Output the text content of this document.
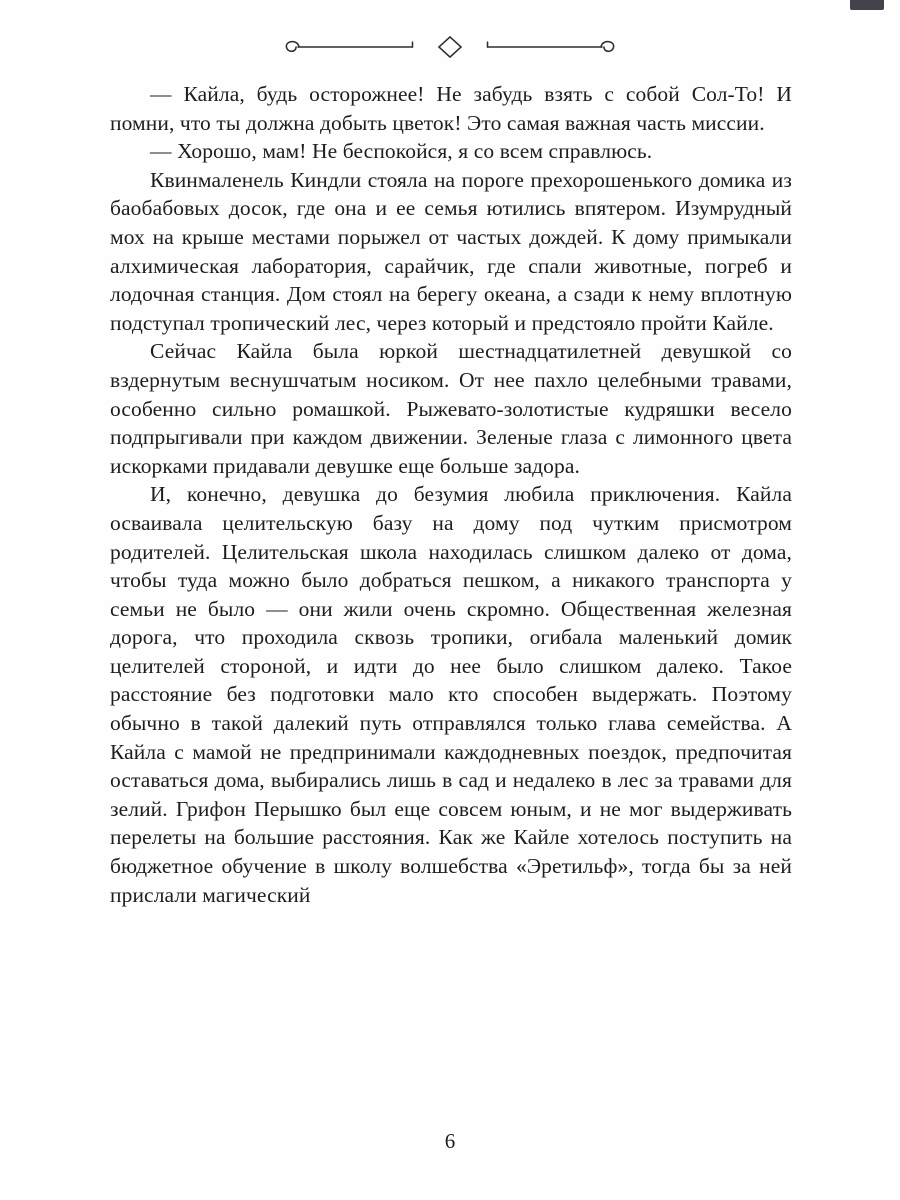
— Кайла, будь осторожнее! Не забудь взять с собой Сол-То! И помни, что ты должна добыть цветок! Это самая важная часть миссии.

— Хорошо, мам! Не беспокойся, я со всем справлюсь.

Квинмаленель Киндли стояла на пороге прехорошенького домика из баобабовых досок, где она и ее семья ютились впятером. Изумрудный мох на крыше местами порыжел от частых дождей. К дому примыкали алхимическая лаборатория, сарайчик, где спали животные, погреб и лодочная станция. Дом стоял на берегу океана, а сзади к нему вплотную подступал тропический лес, через который и предстояло пройти Кайле.

Сейчас Кайла была юркой шестнадцатилетней девушкой со вздернутым веснушчатым носиком. От нее пахло целебными травами, особенно сильно ромашкой. Рыжевато-золотистые кудряшки весело подпрыгивали при каждом движении. Зеленые глаза с лимонного цвета искорками придавали девушке еще больше задора.

И, конечно, девушка до безумия любила приключения. Кайла осваивала целительскую базу на дому под чутким присмотром родителей. Целительская школа находилась слишком далеко от дома, чтобы туда можно было добраться пешком, а никакого транспорта у семьи не было — они жили очень скромно. Общественная железная дорога, что проходила сквозь тропики, огибала маленький домик целителей стороной, и идти до нее было слишком далеко. Такое расстояние без подготовки мало кто способен выдержать. Поэтому обычно в такой далекий путь отправлялся только глава семейства. А Кайла с мамой не предпринимали каждодневных поездок, предпочитая оставаться дома, выбирались лишь в сад и недалеко в лес за травами для зелий. Грифон Перышко был еще совсем юным, и не мог выдерживать перелеты на большие расстояния. Как же Кайле хотелось поступить на бюджетное обучение в школу волшебства «Эретильф», тогда бы за ней прислали магический

6
